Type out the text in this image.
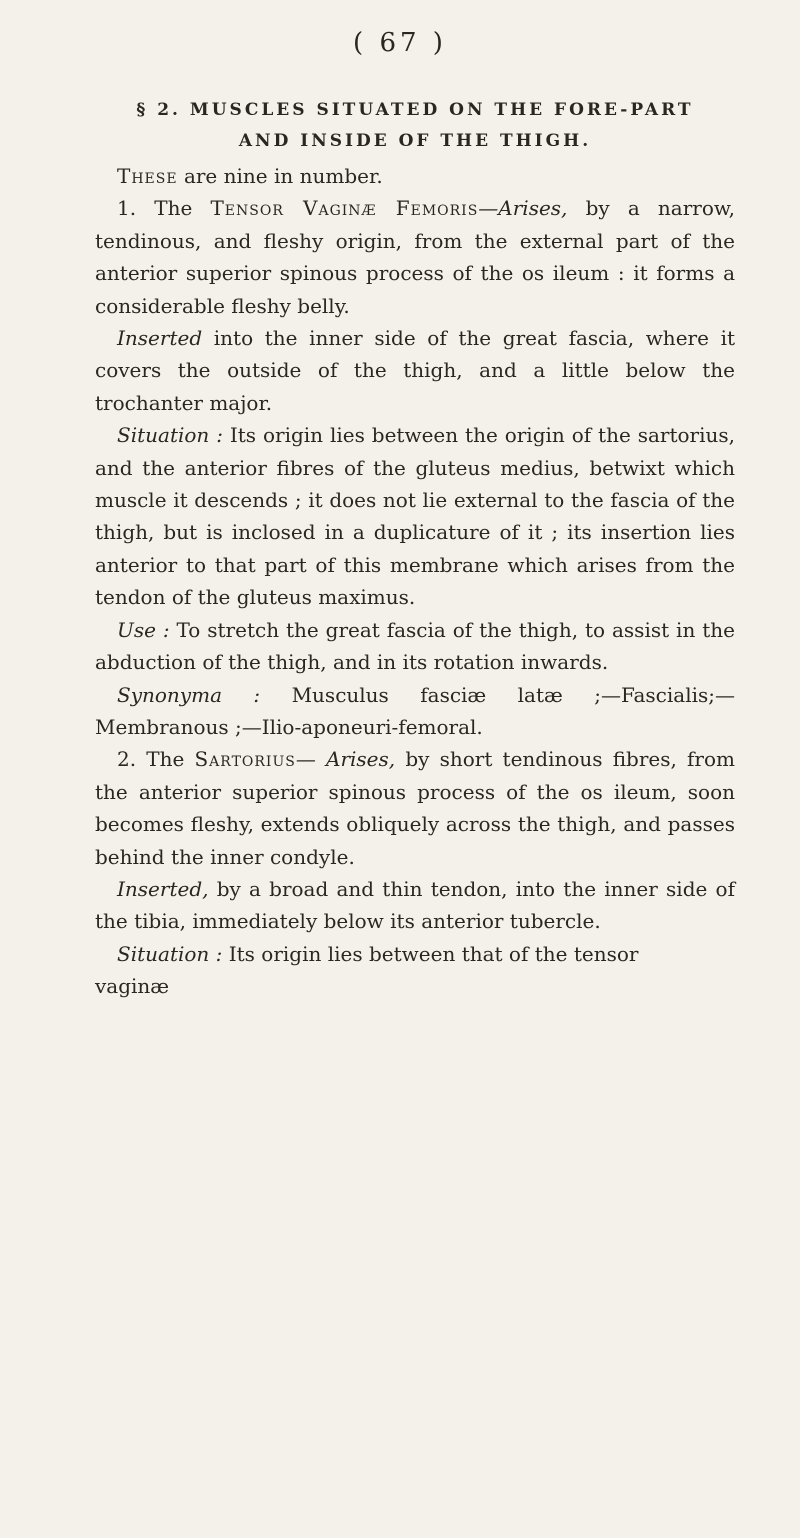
( 67 )
§ 2. MUSCLES SITUATED ON THE FORE-PART
AND INSIDE OF THE THIGH.

These are nine in number.

1. The Tensor Vaginæ Femoris—Arises, by a narrow, tendinous, and fleshy origin, from the external part of the anterior superior spinous process of the os ileum : it forms a considerable fleshy belly.

Inserted into the inner side of the great fascia, where it covers the outside of the thigh, and a little below the trochanter major.

Situation : Its origin lies between the origin of the sartorius, and the anterior fibres of the gluteus medius, betwixt which muscle it descends ; it does not lie external to the fascia of the thigh, but is inclosed in a duplicature of it ; its insertion lies anterior to that part of this membrane which arises from the tendon of the gluteus maximus.

Use : To stretch the great fascia of the thigh, to assist in the abduction of the thigh, and in its rotation inwards.

Synonyma : Musculus fasciæ latæ ;—Fascialis;—Membranous ;—Ilio-aponeuri-femoral.

2. The Sartorius— Arises, by short tendinous fibres, from the anterior superior spinous process of the os ileum, soon becomes fleshy, extends obliquely across the thigh, and passes behind the inner condyle.

Inserted, by a broad and thin tendon, into the inner side of the tibia, immediately below its anterior tubercle.

Situation : Its origin lies between that of the tensor

vaginæ
